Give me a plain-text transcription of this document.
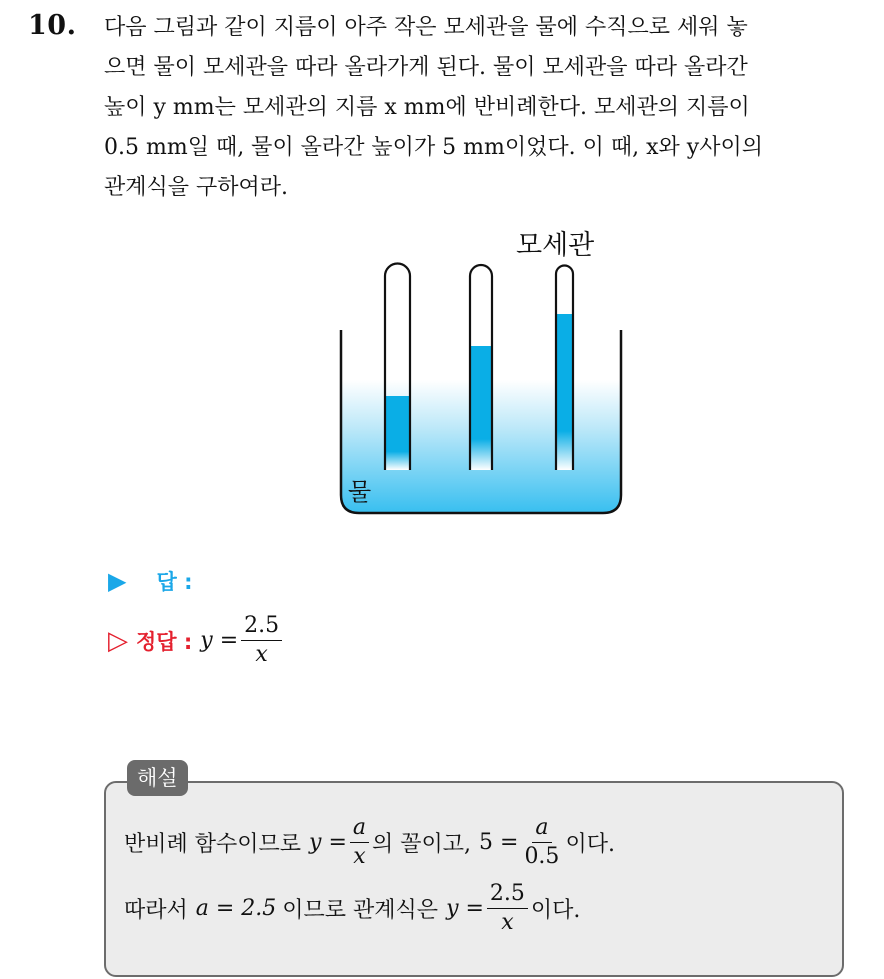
10. 다음 그림과 같이 지름이 아주 작은 모세관을 물에 수직으로 세워 놓
으면 물이 모세관을 따라 올라가게 된다. 물이 모세관을 따라 올라간
높이 y mm는 모세관의 지름 x mm에 반비례한다. 모세관의 지름이
0.5 mm일 때, 물이 올라간 높이가 5 mm이었다. 이 때, x와 y사이의
관계식을 구하여라.
모세관
물
▶ 답 :
▷ 정답 : $y = \frac{2.5}{x}$
해설
반비례 함수이므로 $y = \frac{a}{x}$ 의 꼴이고, $5 = \frac{a}{0.5}$ 이다.
따라서 a = 2.5 이므로 관계식은 $y = \frac{2.5}{x}$ 이다.
